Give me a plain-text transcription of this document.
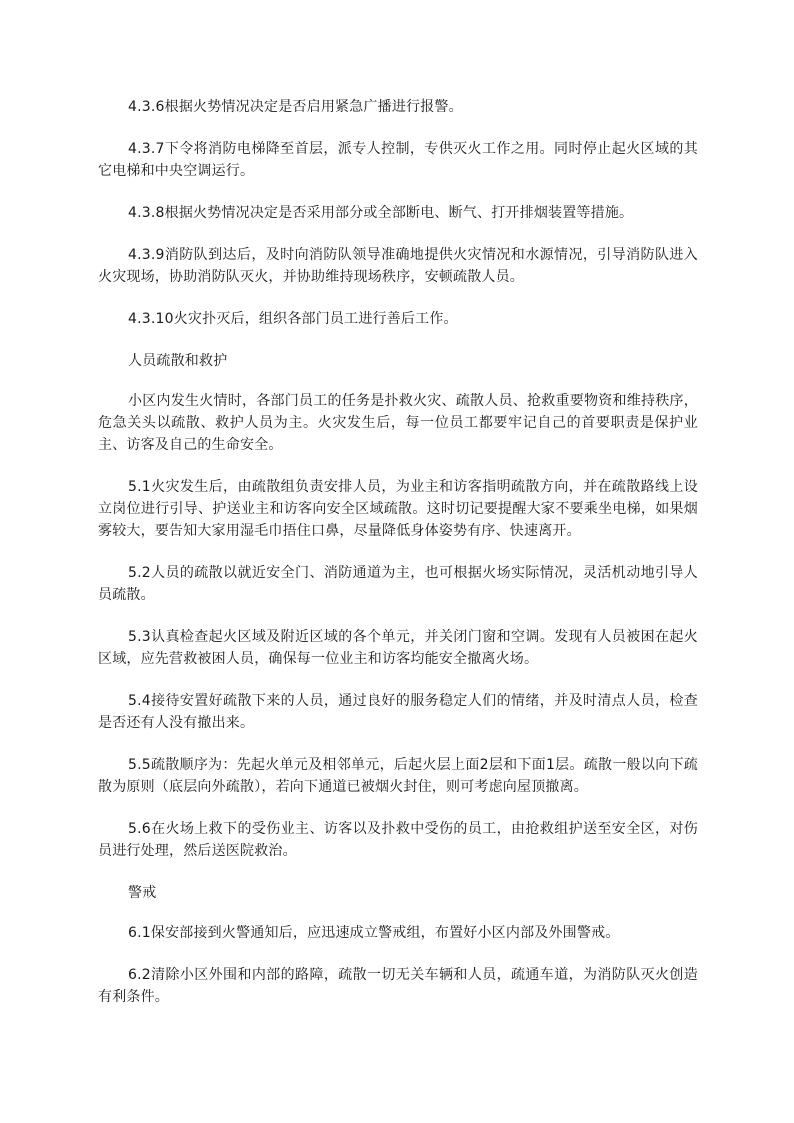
4.3.6根据火势情况决定是否启用紧急广播进行报警。

4.3.7下令将消防电梯降至首层，派专人控制，专供灭火工作之用。同时停止起火区域的其它电梯和中央空调运行。

4.3.8根据火势情况决定是否采用部分或全部断电、断气、打开排烟装置等措施。

4.3.9消防队到达后，及时向消防队领导准确地提供火灾情况和水源情况，引导消防队进入火灾现场，协助消防队灭火，并协助维持现场秩序，安顿疏散人员。

4.3.10火灾扑灭后，组织各部门员工进行善后工作。

人员疏散和救护

小区内发生火情时，各部门员工的任务是扑救火灾、疏散人员、抢救重要物资和维持秩序，危急关头以疏散、救护人员为主。火灾发生后，每一位员工都要牢记自己的首要职责是保护业主、访客及自己的生命安全。

5.1火灾发生后，由疏散组负责安排人员，为业主和访客指明疏散方向，并在疏散路线上设立岗位进行引导、护送业主和访客向安全区域疏散。这时切记要提醒大家不要乘坐电梯，如果烟雾较大，要告知大家用湿毛巾捂住口鼻，尽量降低身体姿势有序、快速离开。

5.2人员的疏散以就近安全门、消防通道为主，也可根据火场实际情况，灵活机动地引导人员疏散。

5.3认真检查起火区域及附近区域的各个单元，并关闭门窗和空调。发现有人员被困在起火区域，应先营救被困人员，确保每一位业主和访客均能安全撤离火场。

5.4接待安置好疏散下来的人员，通过良好的服务稳定人们的情绪，并及时清点人员，检查是否还有人没有撤出来。

5.5疏散顺序为：先起火单元及相邻单元，后起火层上面2层和下面1层。疏散一般以向下疏散为原则（底层向外疏散），若向下通道已被烟火封住，则可考虑向屋顶撤离。

5.6在火场上救下的受伤业主、访客以及扑救中受伤的员工，由抢救组护送至安全区，对伤员进行处理，然后送医院救治。

警戒

6.1保安部接到火警通知后，应迅速成立警戒组，布置好小区内部及外围警戒。

6.2清除小区外围和内部的路障，疏散一切无关车辆和人员，疏通车道，为消防队灭火创造有利条件。
